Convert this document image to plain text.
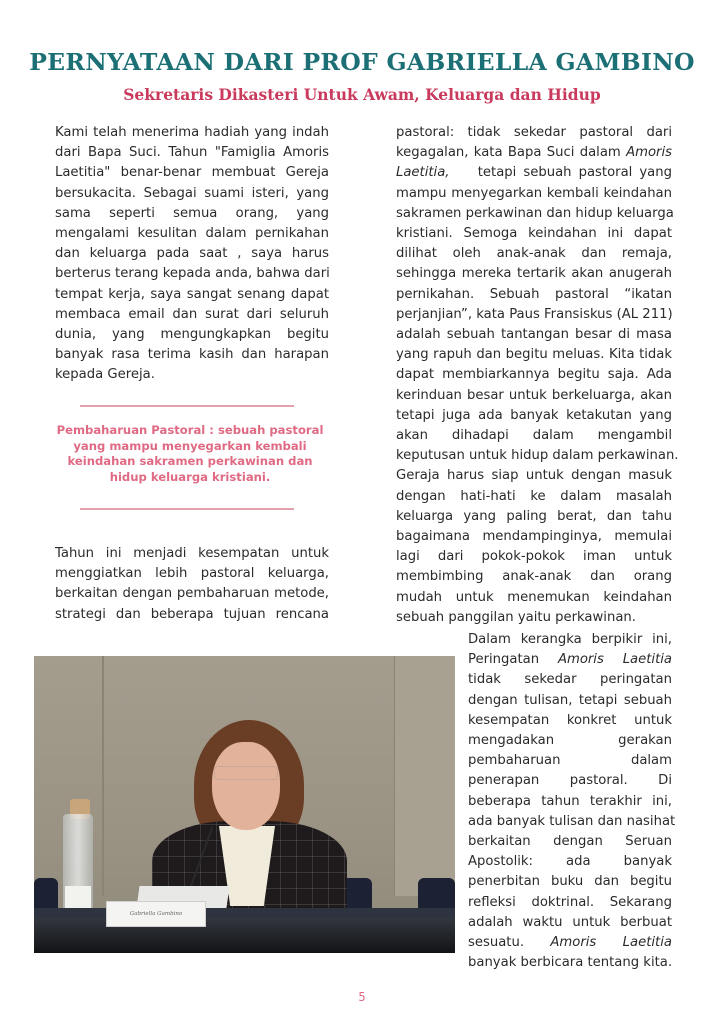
PERNYATAAN DARI PROF GABRIELLA GAMBINO
Sekretaris Dikasteri Untuk Awam, Keluarga dan Hidup
Kami telah menerima hadiah yang indah
dari Bapa Suci. Tahun "Famiglia Amoris
Laetitia" benar-benar membuat Gereja
bersukacita. Sebagai suami isteri, yang
sama seperti semua orang, yang
mengalami kesulitan dalam pernikahan
dan keluarga pada saat , saya harus
berterus terang kepada anda, bahwa dari
tempat kerja, saya sangat senang dapat
membaca email dan surat dari seluruh
dunia, yang mengungkapkan begitu
banyak rasa terima kasih dan harapan
kepada Gereja.

Pembaharuan Pastoral : sebuah pastoral yang mampu menyegarkan kembali keindahan sakramen perkawinan dan hidup keluarga kristiani.

Tahun ini menjadi kesempatan untuk
menggiatkan lebih pastoral keluarga,
berkaitan dengan pembaharuan metode,
strategi dan beberapa tujuan rencana
pastoral: tidak sekedar pastoral dari
kegagalan, kata Bapa Suci dalam Amoris
Laetitia,    tetapi sebuah pastoral yang
mampu menyegarkan kembali keindahan
sakramen perkawinan dan hidup keluarga
kristiani. Semoga keindahan ini dapat
dilihat oleh anak-anak dan remaja,
sehingga mereka tertarik akan anugerah
pernikahan. Sebuah pastoral “ikatan
perjanjian”, kata Paus Fransiskus (AL 211)
adalah sebuah tantangan besar di masa
yang rapuh dan begitu meluas. Kita tidak
dapat membiarkannya begitu saja. Ada
kerinduan besar untuk berkeluarga, akan
tetapi juga ada banyak ketakutan yang
akan dihadapi dalam mengambil
keputusan untuk hidup dalam perkawinan.
Geraja harus siap untuk dengan masuk
dengan hati-hati ke dalam masalah
keluarga yang paling berat, dan tahu
bagaimana mendampinginya, memulai
lagi dari pokok-pokok iman untuk
membimbing anak-anak dan orang
mudah untuk menemukan keindahan
sebuah panggilan yaitu perkawinan.
Gabriella Gambino
Dalam kerangka berpikir ini,
Peringatan Amoris Laetitia
tidak sekedar peringatan
dengan tulisan, tetapi sebuah
kesempatan konkret untuk
mengadakan gerakan
pembaharuan dalam
penerapan pastoral. Di
beberapa tahun terakhir ini,
ada banyak tulisan dan nasihat
berkaitan dengan Seruan
Apostolik: ada banyak
penerbitan buku dan begitu
refleksi doktrinal. Sekarang
adalah waktu untuk berbuat
sesuatu. Amoris Laetitia
banyak berbicara tentang kita.
5
